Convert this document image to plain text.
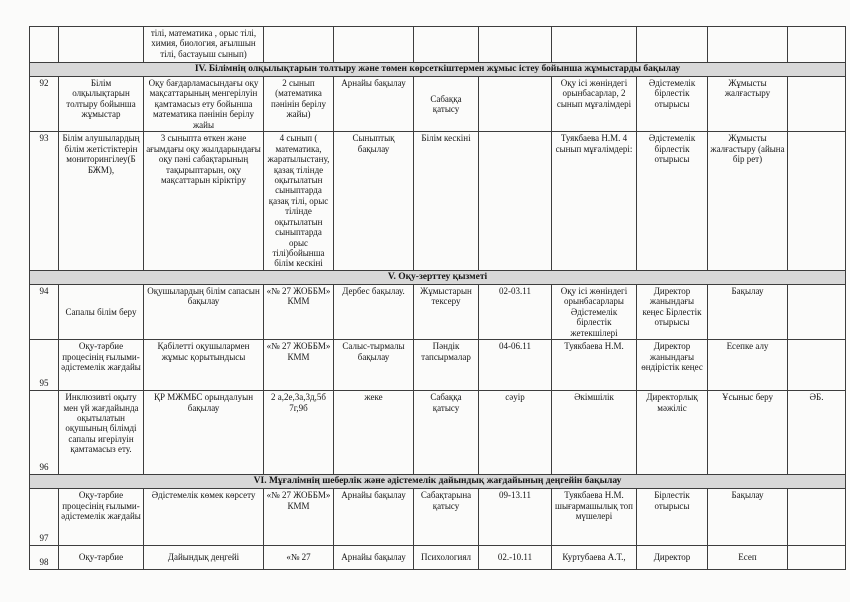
		тілі, математика , орыс тілі, химия, биология, ағылшын тілі, бастауыш сынып)								
IV. Білімнің олқылықтарын толтыру және төмен көрсеткіштермен жұмыс істеу бойынша жұмыстарды бақылау										
92	Білім олқылықтарын толтыру бойынша жұмыстар	Оқу бағдарламасындағы оқу мақсаттарының менгерілуін қамтамасыз ету бойынша математика пәнінін берілу жайы	2 сынып (математика пәнінін берілу жайы)	Арнайы бақылау	Сабаққа қатысу		Оқу ісі жөніндегі орынбасарлар, 2 сынып мұғалімдері	Әдістемелік бірлестік отырысы	Жұмысты жалғастыру	
93	Білім алушылардың білім жетістіктерін мониторингілеу(Б БЖМ),	3 сыныпта өткен және ағымдағы оқу жылдарындағы оқу пәні сабақтарының тақырыптарын, оқу мақсаттарын кіріктіру	4 сынып ( математика, жаратылыстану, қазақ тілінде оқытылатын сыныптарда қазақ тілі, орыс тілінде оқытылатын сыныптарда орыс тілі)бойынша білім кескіні	Сыныптық бақылау	Білім кескіні		Туякбаева Н.М. 4 сынып мұғалімдері:	Әдістемелік бірлестік отырысы	Жұмысты жалғастыру (айына бір рет)	
V. Оқу-зерттеу қызметі										
94	Сапалы білім беру	Оқушылардың білім сапасын бақылау	«№ 27 ЖОББМ» КММ	Дербес бақылау.	Жұмыстарын тексеру	02-03.11	Оқу ісі жөніндегі орынбасарлары Әдістемелік бірлестік жетекшілері	Директор жанындағы кеңес Бірлестік отырысы	Бақылау	
95	Оқу-тәрбие процесінің ғылыми-әдістемелік жағдайы	Қабілетті оқушылармен жұмыс қорытындысы	«№ 27 ЖОББМ» КММ	Салыс-тырмалы бақылау	Пәндік тапсырмалар	04-06.11	Туякбаева Н.М.	Директор жанындағы өндірістік кеңес	Есепке алу	
96	Инклюзивті оқыту мен үй жағдайында оқытылатын оқушының білімді сапалы игерілуін қамтамасыз ету.	ҚР МЖМБС орындалуын бақылау	2 а,2е,3а,3д,5б 7г,9б	жеке	Сабаққа қатысу	сәуір	Әкімшілік	Директорлық мәжіліс	Ұсыныс беру	ӘБ.
VI. Мұғалімнің шеберлік және әдістемелік дайындық жағдайының деңгейін бақылау										
97	Оқу-тәрбие процесінің ғылыми-әдістемелік жағдайы	Әдістемелік көмек көрсету	«№ 27 ЖОББМ» КММ	Арнайы бақылау	Сабақтарына қатысу	09-13.11	Туякбаева Н.М. шығармашылық топ мүшелері	Бірлестік отырысы	Бақылау	
98	Оқу-тәрбие	Дайындық деңгейі	«№ 27	Арнайы бақылау	Психологиял	02.-10.11	Куртубаева А.Т.,	Директор	Есеп	
